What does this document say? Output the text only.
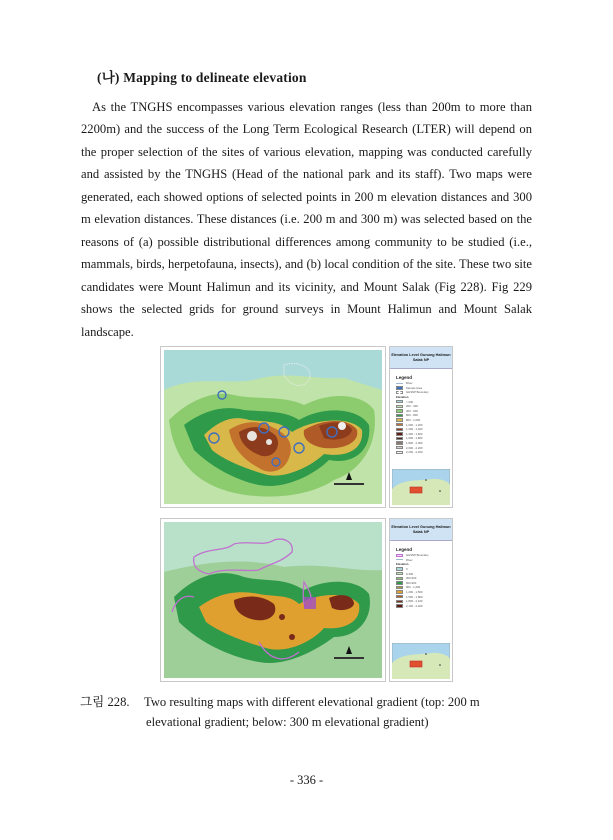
(나) Mapping to delineate elevation
As the TNGHS encompasses various elevation ranges (less than 200m to more than 2200m) and the success of the Long Term Ecological Research (LTER) will depend on the proper selection of the sites of various elevation, mapping was conducted carefully and assisted by the TNGHS (Head of the national park and its staff). Two maps were generated, each showed options of selected points in 200 m elevation distances and 300 m elevation distances. These distances (i.e. 200 m and 300 m) was selected based on the reasons of (a) possible distributional differences among community to be studied (i.e., mammals, birds, herpetofauna, insects), and (b) local condition of the site. These two site candidates were Mount Halimun and its vicinity, and Mount Salak (Fig 228). Fig 229 shows the selected grids for ground surveys in Mount Halimun and Mount Salak landscape.
Elevation Level Gunung Halimun Salak NP
Legend
River
Sample Area
GHSNP Boundary
Elevation
< 200
200 - 400
400 - 600
600 - 800
800 - 1,000
1,000 - 1,200
1,200 - 1,400
1,400 - 1,600
1,600 - 1,800
1,800 - 2,000
2,000 - 2,200
2,200 - 2,400
Elevation Level Gunung Halimun Salak NP
Legend
GHSNP Boundary
River
Elevation
0
0-300
300-600
600-900
900 - 1,200
1,200 - 1,500
1,500 - 1,800
1,800 - 2,100
2,100 - 2,400
그림 228. Two resulting maps with different elevational gradient (top: 200 m
elevational gradient; below: 300 m elevational gradient)
- 336 -
